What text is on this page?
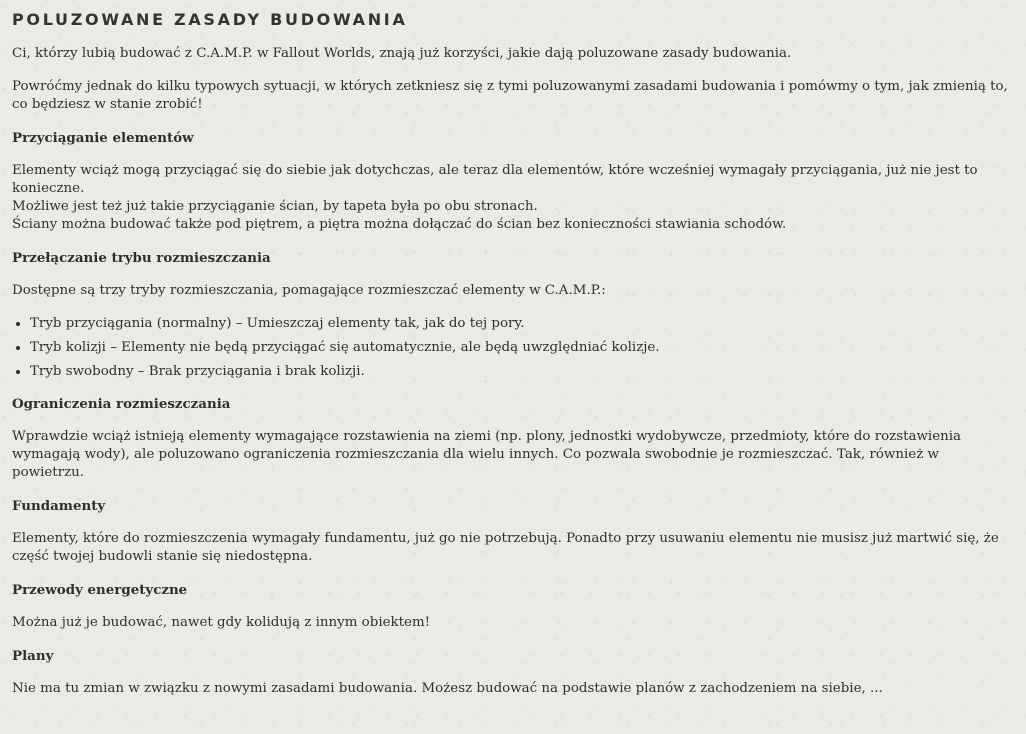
POLUZOWANE ZASADY BUDOWANIA

Ci, którzy lubią budować z C.A.M.P. w Fallout Worlds, znają już korzyści, jakie dają poluzowane zasady budowania.

Powróćmy jednak do kilku typowych sytuacji, w których zetkniesz się z tymi poluzowanymi zasadami budowania i pomówmy o tym, jak zmienią to, co będziesz w stanie zrobić!

Przyciąganie elementów

Elementy wciąż mogą przyciągać się do siebie jak dotychczas, ale teraz dla elementów, które wcześniej wymagały przyciągania, już nie jest to konieczne.

Możliwe jest też już takie przyciąganie ścian, by tapeta była po obu stronach.

Ściany można budować także pod piętrem, a piętra można dołączać do ścian bez konieczności stawiania schodów.

Przełączanie trybu rozmieszczania

Dostępne są trzy tryby rozmieszczania, pomagające rozmieszczać elementy w C.A.M.P.:

• Tryb przyciągania (normalny) – Umieszczaj elementy tak, jak do tej pory.
• Tryb kolizji – Elementy nie będą przyciągać się automatycznie, ale będą uwzględniać kolizje.
• Tryb swobodny – Brak przyciągania i brak kolizji.
Ograniczenia rozmieszczania

Wprawdzie wciąż istnieją elementy wymagające rozstawienia na ziemi (np. plony, jednostki wydobywcze, przedmioty, które do rozstawienia wymagają wody), ale poluzowano ograniczenia rozmieszczania dla wielu innych. Co pozwala swobodnie je rozmieszczać. Tak, również w powietrzu.

Fundamenty

Elementy, które do rozmieszczenia wymagały fundamentu, już go nie potrzebują. Ponadto przy usuwaniu elementu nie musisz już martwić się, że część twojej budowli stanie się niedostępna.

Przewody energetyczne

Można już je budować, nawet gdy kolidują z innym obiektem!

Plany

Nie ma tu zmian w związku z nowymi zasadami budowania. Możesz budować na podstawie planów z zachodzeniem na siebie, ...
